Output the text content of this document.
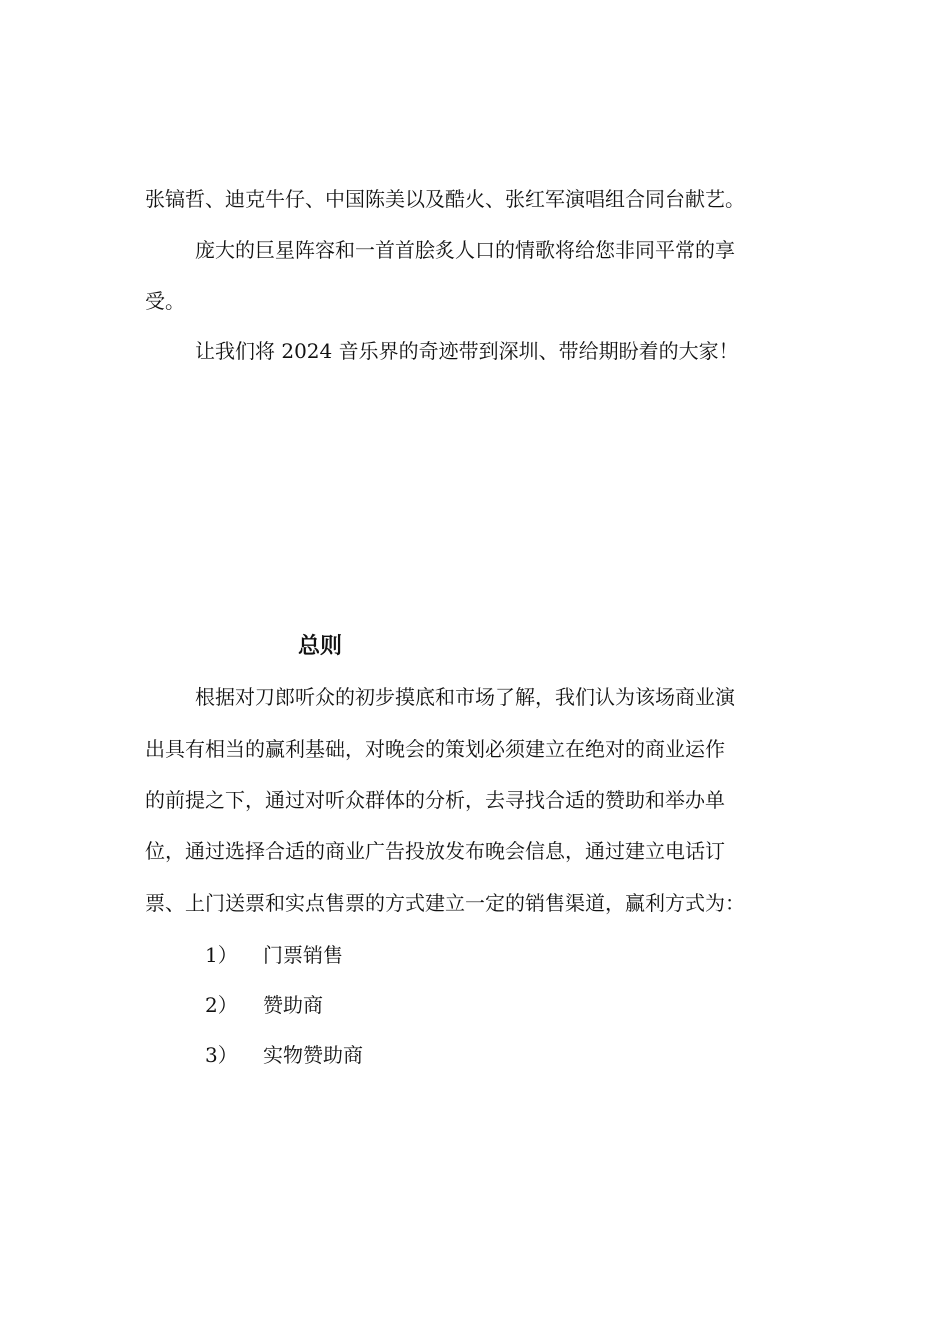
张镐哲、迪克牛仔、中国陈美以及酷火、张红军演唱组合同台献艺。
庞大的巨星阵容和一首首脍炙人口的情歌将给您非同平常的享
受。
让我们将 2024 音乐界的奇迹带到深圳、带给期盼着的大家！
总则
根据对刀郎听众的初步摸底和市场了解，我们认为该场商业演
出具有相当的赢利基础，对晚会的策划必须建立在绝对的商业运作
的前提之下，通过对听众群体的分析，去寻找合适的赞助和举办单
位，通过选择合适的商业广告投放发布晚会信息，通过建立电话订
票、上门送票和实点售票的方式建立一定的销售渠道，赢利方式为：
1） 门票销售
2） 赞助商
3） 实物赞助商
